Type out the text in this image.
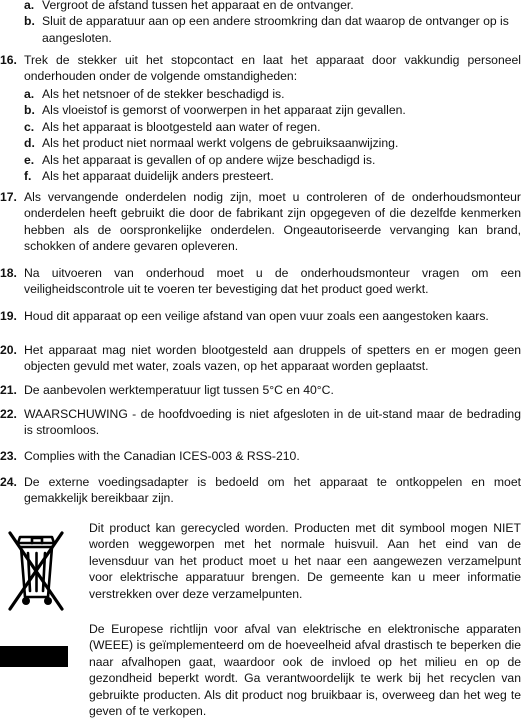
a. Vergroot de afstand tussen het apparaat en de ontvanger.
b. Sluit de apparatuur aan op een andere stroomkring dan dat waarop de ontvanger op is aangesloten.
16. Trek de stekker uit het stopcontact en laat het apparaat door vakkundig personeel onderhouden onder de volgende omstandigheden:
a. Als het netsnoer of de stekker beschadigd is.
b. Als vloeistof is gemorst of voorwerpen in het apparaat zijn gevallen.
c. Als het apparaat is blootgesteld aan water of regen.
d. Als het product niet normaal werkt volgens de gebruiksaanwijzing.
e. Als het apparaat is gevallen of op andere wijze beschadigd is.
f. Als het apparaat duidelijk anders presteert.
17. Als vervangende onderdelen nodig zijn, moet u controleren of de onderhoudsmonteur onderdelen heeft gebruikt die door de fabrikant zijn opgegeven of die dezelfde kenmerken hebben als de oorspronkelijke onderdelen. Ongeautoriseerde vervanging kan brand, schokken of andere gevaren opleveren.
18. Na uitvoeren van onderhoud moet u de onderhoudsmonteur vragen om een veiligheidscontrole uit te voeren ter bevestiging dat het product goed werkt.
19. Houd dit apparaat op een veilige afstand van open vuur zoals een aangestoken kaars.
20. Het apparaat mag niet worden blootgesteld aan druppels of spetters en er mogen geen objecten gevuld met water, zoals vazen, op het apparaat worden geplaatst.
21. De aanbevolen werktemperatuur ligt tussen 5°C en 40°C.
22. WAARSCHUWING - de hoofdvoeding is niet afgesloten in de uit-stand maar de bedrading is stroomloos.
23. Complies with the Canadian ICES-003 & RSS-210.
24. De externe voedingsadapter is bedoeld om het apparaat te ontkoppelen en moet gemakkelijk bereikbaar zijn.
Dit product kan gerecycled worden. Producten met dit symbool mogen NIET worden weggeworpen met het normale huisvuil. Aan het eind van de levensduur van het product moet u het naar een aangewezen verzamelpunt voor elektrische apparatuur brengen. De gemeente kan u meer informatie verstrekken over deze verzamelpunten.
De Europese richtlijn voor afval van elektrische en elektronische apparaten (WEEE) is geïmplementeerd om de hoeveelheid afval drastisch te beperken die naar afvalhopen gaat, waardoor ook de invloed op het milieu en op de gezondheid beperkt wordt. Ga verantwoordelijk te werk bij het recyclen van gebruikte producten. Als dit product nog bruikbaar is, overweeg dan het weg te geven of te verkopen.
